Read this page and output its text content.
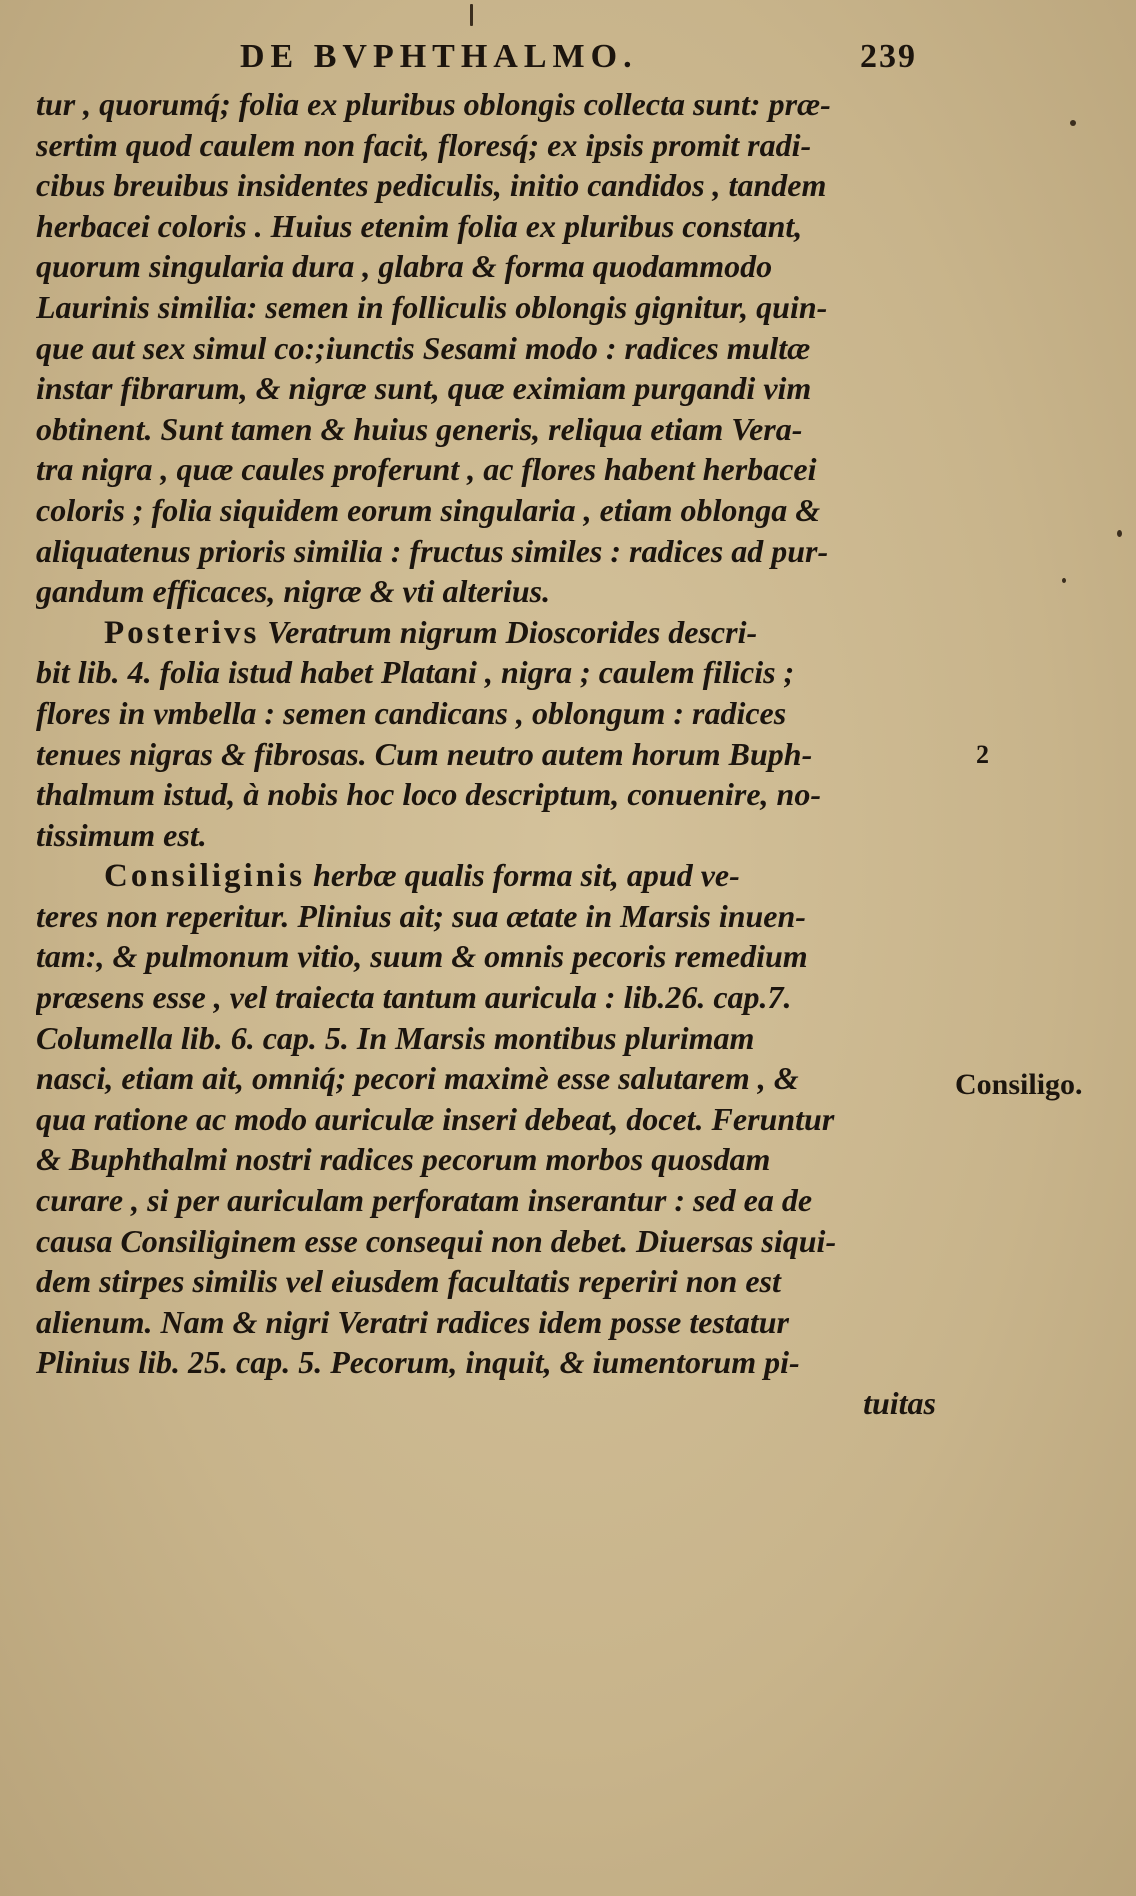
DE BVPHTHALMO.	239
tur , quorumq́; folia ex pluribus oblongis collecta sunt: præ-
sertim quod caulem non facit, floresq́; ex ipsis promit radi-
cibus breuibus insidentes pediculis, initio candidos , tandem
herbacei coloris . Huius etenim folia ex pluribus constant,
quorum singularia dura , glabra & forma quodammodo
Laurinis similia: semen in folliculis oblongis gignitur, quin-
que aut sex simul co:;iunctis Sesami modo : radices multæ
instar fibrarum, & nigræ sunt, quæ eximiam purgandi vim
obtinent. Sunt tamen & huius generis, reliqua etiam Vera-
tra nigra , quæ caules proferunt , ac flores habent herbacei
coloris ; folia siquidem eorum singularia , etiam oblonga &
aliquatenus prioris similia : fructus similes : radices ad pur-
gandum efficaces, nigræ & vti alterius.
Posterivs Veratrum nigrum Dioscorides descri-
bit lib. 4. folia istud habet Platani , nigra ; caulem filicis ;
flores in vmbella : semen candicans , oblongum : radices
tenues nigras & fibrosas. Cum neutro autem horum Buph-
thalmum istud, à nobis hoc loco descriptum, conuenire, no-
tissimum est.
Consiliginis herbæ qualis forma sit, apud ve-
teres non reperitur. Plinius ait; sua ætate in Marsis inuen-
tam:, & pulmonum vitio, suum & omnis pecoris remedium
præsens esse , vel traiecta tantum auricula : lib.26. cap.7.
Columella lib. 6. cap. 5. In Marsis montibus plurimam
nasci, etiam ait, omniq́; pecori maximè esse salutarem , &
qua ratione ac modo auriculæ inseri debeat, docet. Feruntur
& Buphthalmi nostri radices pecorum morbos quosdam
curare , si per auriculam perforatam inserantur : sed ea de
causa Consiliginem esse consequi non debet. Diuersas siqui-
dem stirpes similis vel eiusdem facultatis reperiri non est
alienum. Nam & nigri Veratri radices idem posse testatur
Plinius lib. 25. cap. 5. Pecorum, inquit, & iumentorum pi-
tuitas
2
Consiligo.
